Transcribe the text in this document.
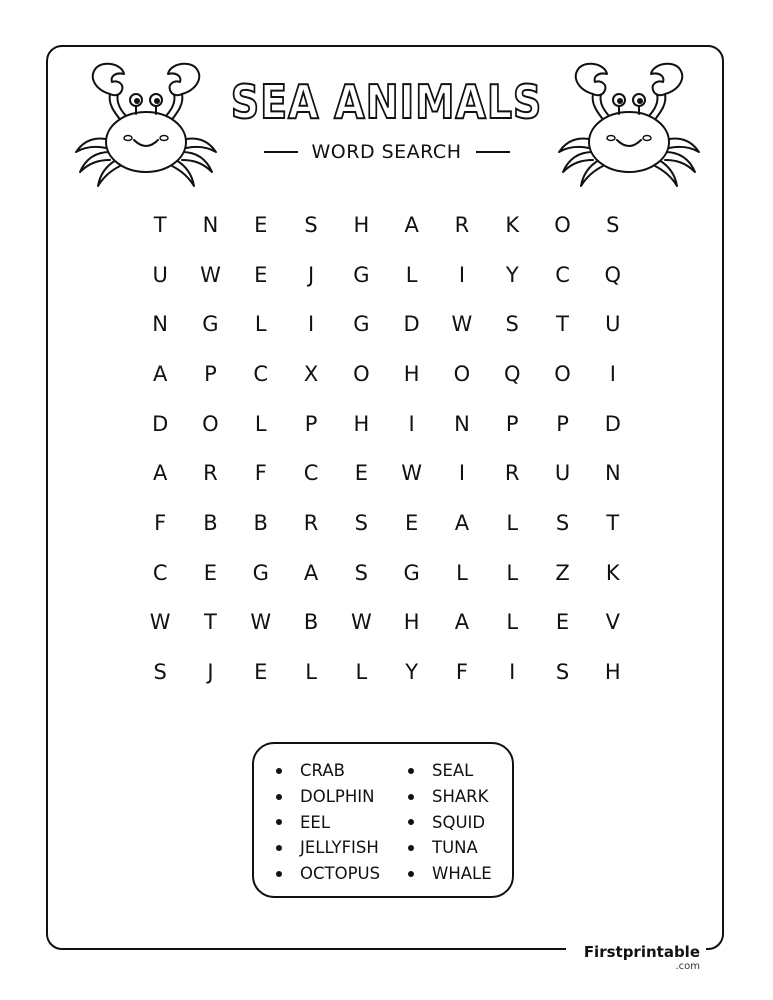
SEA ANIMALS
WORD SEARCH
T	N	E	S	H	A	R	K	O	S
U	W	E	J	G	L	I	Y	C	Q
N	G	L	I	G	D	W	S	T	U
A	P	C	X	O	H	O	Q	O	I
D	O	L	P	H	I	N	P	P	D
A	R	F	C	E	W	I	R	U	N
F	B	B	R	S	E	A	L	S	T
C	E	G	A	S	G	L	L	Z	K
W	T	W	B	W	H	A	L	E	V
S	J	E	L	L	Y	F	I	S	H
CRAB
DOLPHIN
EEL
JELLYFISH
OCTOPUS
SEAL
SHARK
SQUID
TUNA
WHALE
Firstprintable
.com
